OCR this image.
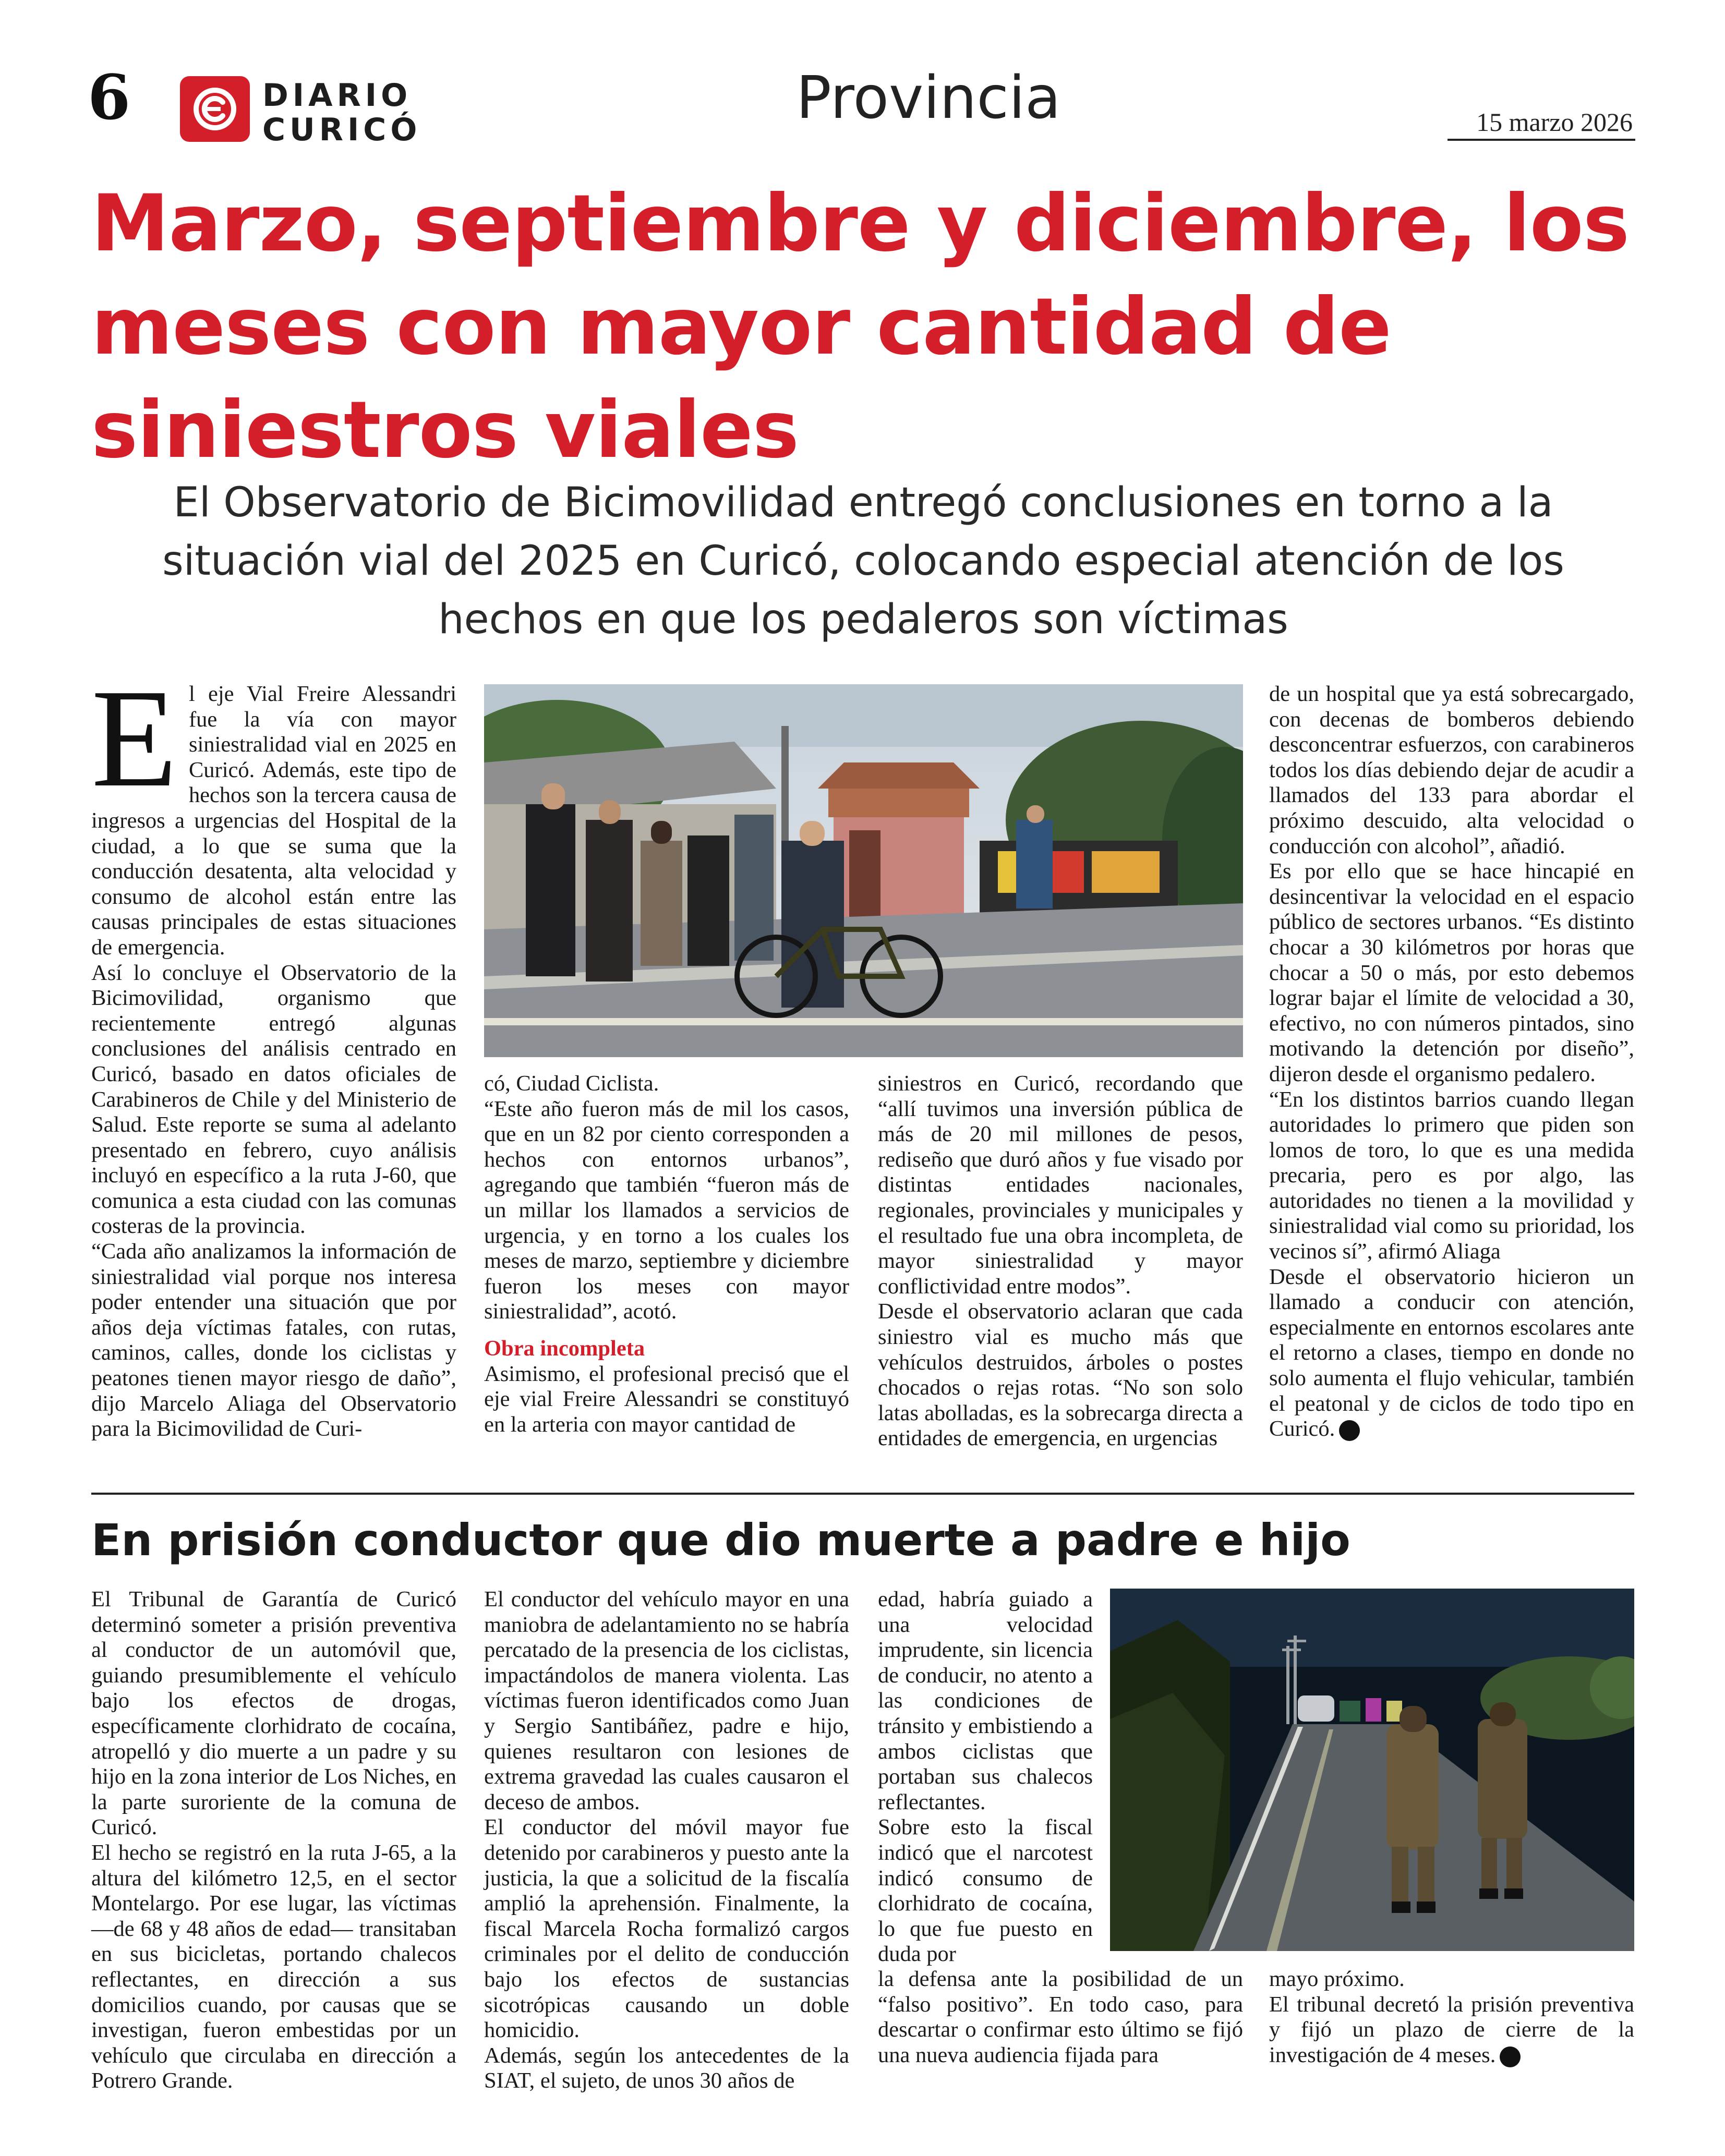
6	DIARIO
CURICÓ	Provincia	15 marzo 2026
Marzo, septiembre y diciembre, los meses con mayor cantidad de siniestros viales
El Observatorio de Bicimovilidad entregó conclusiones en torno a la situación vial del 2025 en Curicó, colocando especial atención de los hechos en que los pedaleros son víctimas

El eje Vial Freire Alessandri fue la vía con mayor siniestralidad vial en 2025 en Curicó. Además, este tipo de hechos son la tercera causa de ingresos a urgencias del Hospital de la ciudad, a lo que se suma que la conducción desatenta, alta velocidad y consumo de alcohol están entre las causas principales de estas situaciones de emergencia.

Así lo concluye el Observatorio de la Bicimovilidad, organismo que recientemente entregó algunas conclusiones del análisis centrado en Curicó, basado en datos oficiales de Carabineros de Chile y del Ministerio de Salud. Este reporte se suma al adelanto presentado en febrero, cuyo análisis incluyó en específico a la ruta J-60, que comunica a esta ciudad con las comunas costeras de la provincia.

“Cada año analizamos la información de siniestralidad vial porque nos interesa poder entender una situación que por años deja víctimas fatales, con rutas, caminos, calles, donde los ciclistas y peatones tienen mayor riesgo de daño”, dijo Marcelo Aliaga del Observatorio para la Bicimovilidad de Curi-

có, Ciudad Ciclista.

“Este año fueron más de mil los casos, que en un 82 por ciento corresponden a hechos con entornos urbanos”, agregando que también “fueron más de un millar los llamados a servicios de urgencia, y en torno a los cuales los meses de marzo, septiembre y diciembre fueron los meses con mayor siniestralidad”, acotó.

Obra incompleta

Asimismo, el profesional precisó que el eje vial Freire Alessandri se constituyó en la arteria con mayor cantidad de

siniestros en Curicó, recordando que “allí tuvimos una inversión pública de más de 20 mil millones de pesos, rediseño que duró años y fue visado por distintas entidades nacionales, regionales, provinciales y municipales y el resultado fue una obra incompleta, de mayor siniestralidad y mayor conflictividad entre modos”.

Desde el observatorio aclaran que cada siniestro vial es mucho más que vehículos destruidos, árboles o postes chocados o rejas rotas. “No son solo latas abolladas, es la sobrecarga directa a entidades de emergencia, en urgencias

de un hospital que ya está sobrecargado, con decenas de bomberos debiendo desconcentrar esfuerzos, con carabineros todos los días debiendo dejar de acudir a llamados del 133 para abordar el próximo descuido, alta velocidad o conducción con alcohol”, añadió.

Es por ello que se hace hincapié en desincentivar la velocidad en el espacio público de sectores urbanos. “Es distinto chocar a 30 kilómetros por horas que chocar a 50 o más, por esto debemos lograr bajar el límite de velocidad a 30, efectivo, no con números pintados, sino motivando la detención por diseño”, dijeron desde el organismo pedalero.

“En los distintos barrios cuando llegan autoridades lo primero que piden son lomos de toro, lo que es una medida precaria, pero es por algo, las autoridades no tienen a la movilidad y siniestralidad vial como su prioridad, los vecinos sí”, afirmó Aliaga

Desde el observatorio hicieron un llamado a conducir con atención, especialmente en entornos escolares ante el retorno a clases, tiempo en donde no solo aumenta el flujo vehicular, también el peatonal y de ciclos de todo tipo en Curicó.

En prisión conductor que dio muerte a padre e hijo

El Tribunal de Garantía de Curicó determinó someter a prisión preventiva al conductor de un automóvil que, guiando presumiblemente el vehículo bajo los efectos de drogas, específicamente clorhidrato de cocaína, atropelló y dio muerte a un padre y su hijo en la zona interior de Los Niches, en la parte suroriente de la comuna de Curicó.

El hecho se registró en la ruta J-65, a la altura del kilómetro 12,5, en el sector Montelargo. Por ese lugar, las víctimas —de 68 y 48 años de edad— transitaban en sus bicicletas, portando chalecos reflectantes, en dirección a sus domicilios cuando, por causas que se investigan, fueron embestidas por un vehículo que circulaba en dirección a Potrero Grande.

El conductor del vehículo mayor en una maniobra de adelantamiento no se habría percatado de la presencia de los ciclistas, impactándolos de manera violenta. Las víctimas fueron identificados como Juan y Sergio Santibáñez, padre e hijo, quienes resultaron con lesiones de extrema gravedad las cuales causaron el deceso de ambos.

El conductor del móvil mayor fue detenido por carabineros y puesto ante la justicia, la que a solicitud de la fiscalía amplió la aprehensión. Finalmente, la fiscal Marcela Rocha formalizó cargos criminales por el delito de conducción bajo los efectos de sustancias sicotrópicas causando un doble homicidio.

Además, según los antecedentes de la SIAT, el sujeto, de unos 30 años de

edad, habría guiado a una velocidad imprudente, sin licencia de conducir, no atento a las condiciones de tránsito y embistiendo a ambos ciclistas que portaban sus chalecos reflectantes.

Sobre esto la fiscal indicó que el narcotest indicó consumo de clorhidrato de cocaína, lo que fue puesto en duda por

la defensa ante la posibilidad de un “falso positivo”. En todo caso, para descartar o confirmar esto último se fijó una nueva audiencia fijada para

mayo próximo.

El tribunal decretó la prisión preventiva y fijó un plazo de cierre de la investigación de 4 meses.
